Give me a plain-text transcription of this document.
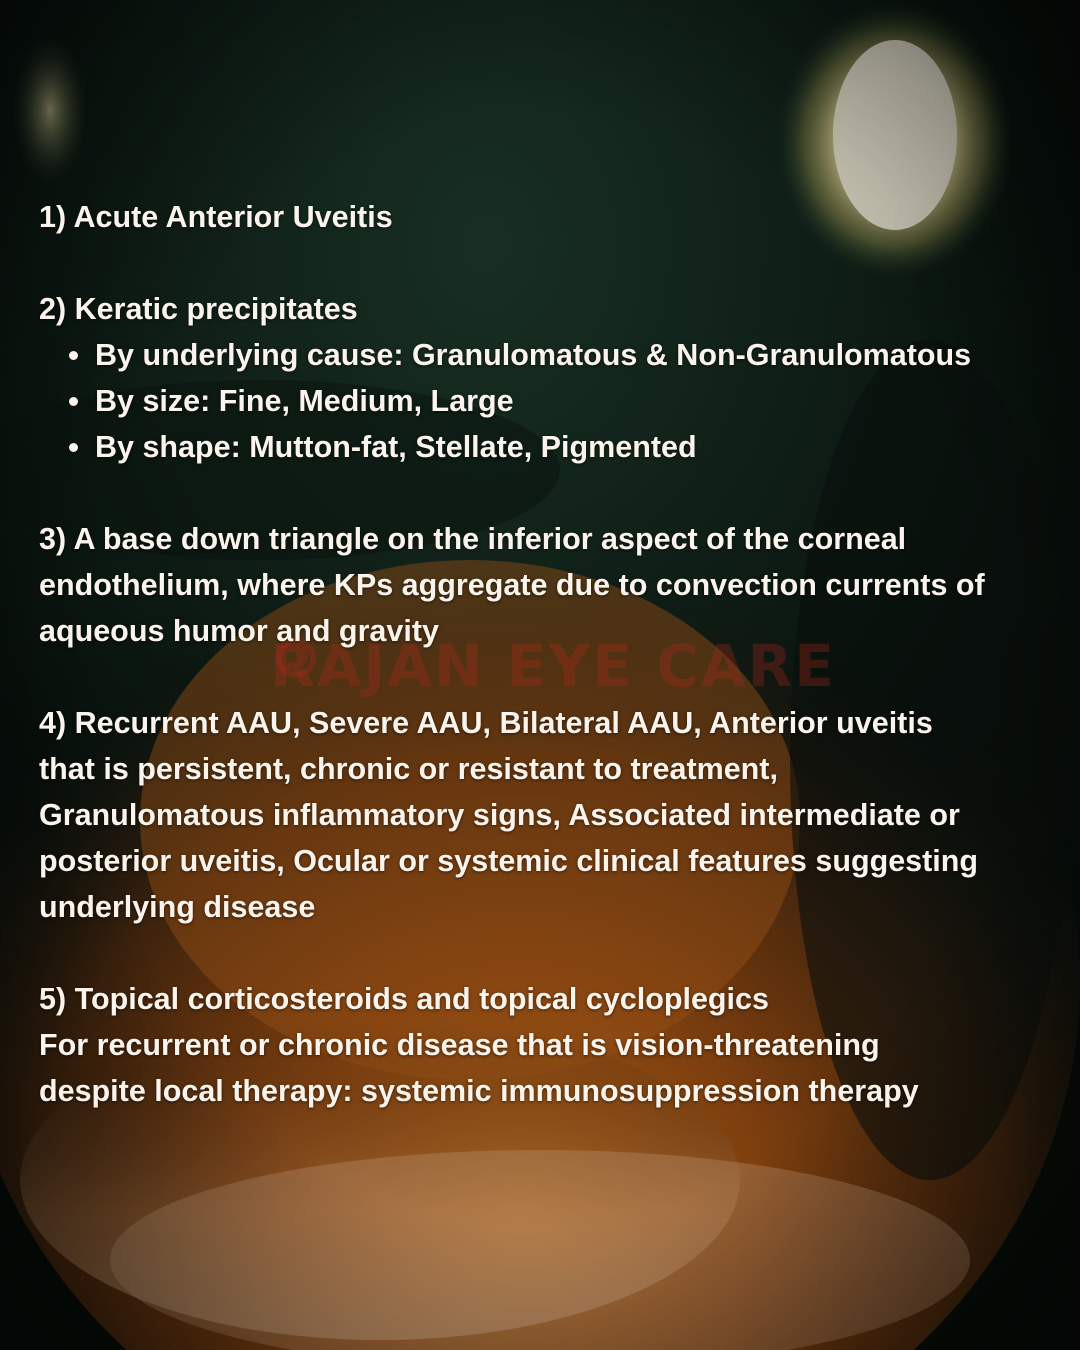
RAJAN EYE CARE
1) Acute Anterior Uveitis
2) Keratic precipitates
By underlying cause: Granulomatous & Non-Granulomatous
By size: Fine, Medium, Large
By shape: Mutton-fat, Stellate, Pigmented
3) A base down triangle on the inferior aspect of the corneal
endothelium, where KPs aggregate due to convection currents of
aqueous humor and gravity
4) Recurrent AAU, Severe AAU, Bilateral AAU, Anterior uveitis
that is persistent, chronic or resistant to treatment,
Granulomatous inflammatory signs, Associated intermediate or
posterior uveitis, Ocular or systemic clinical features suggesting
underlying disease
5) Topical corticosteroids and topical cycloplegics
For recurrent or chronic disease that is vision-threatening
despite local therapy: systemic immunosuppression therapy
